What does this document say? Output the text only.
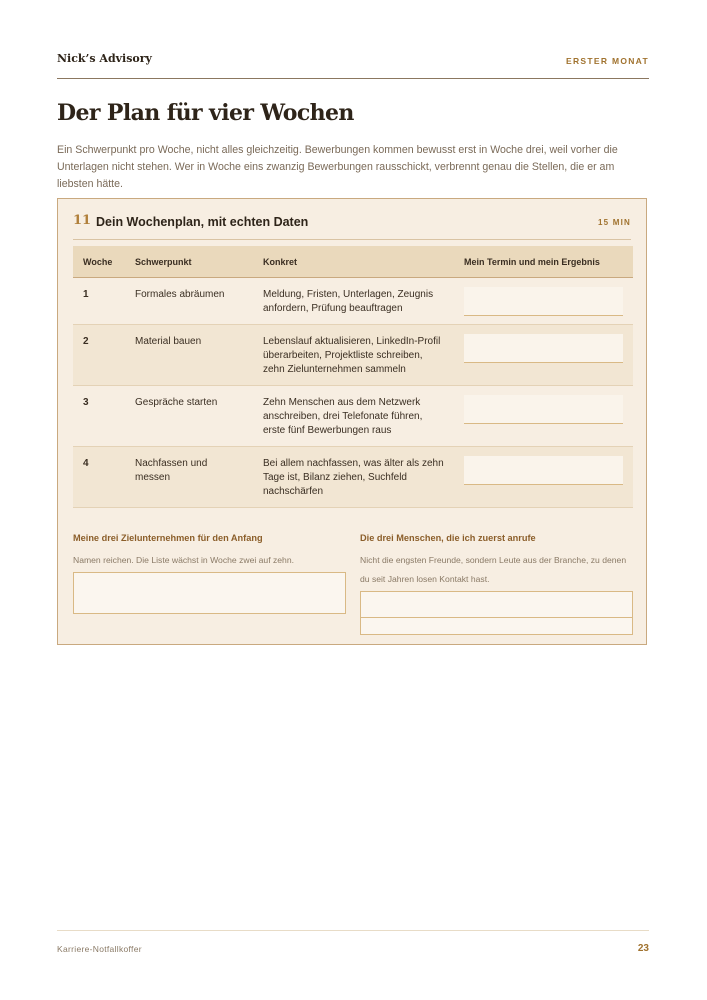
Nick’s Advisory	ERSTER MONAT
Der Plan für vier Wochen

Ein Schwerpunkt pro Woche, nicht alles gleichzeitig. Bewerbungen kommen bewusst erst in Woche drei, weil vorher die Unterlagen nicht stehen. Wer in Woche eins zwanzig Bewerbungen rausschickt, verbrennt genau die Stellen, die er am liebsten hätte.

11 Dein Wochenplan, mit echten Daten	15 MIN
Woche	Schwerpunkt	Konkret	Mein Termin und mein Ergebnis
1	Formales abräumen	Meldung, Fristen, Unterlagen, Zeugnis anfordern, Prüfung beauftragen	

2	Material bauen	Lebenslauf aktualisieren, LinkedIn-Profil überarbeiten, Projektliste schreiben, zehn Zielunternehmen sammeln	

3	Gespräche starten	Zehn Menschen aus dem Netzwerk anschreiben, drei Telefonate führen, erste fünf Bewerbungen raus	

4	Nachfassen und messen	Bei allem nachfassen, was älter als zehn Tage ist, Bilanz ziehen, Suchfeld nachschärfen	
Meine drei Zielunternehmen für den Anfang
Namen reichen. Die Liste wächst in Woche zwei auf zehn.
Die drei Menschen, die ich zuerst anrufe
Nicht die engsten Freunde, sondern Leute aus der Branche, zu denen du seit Jahren losen Kontakt hast.
Karriere-Notfallkoffer	23
